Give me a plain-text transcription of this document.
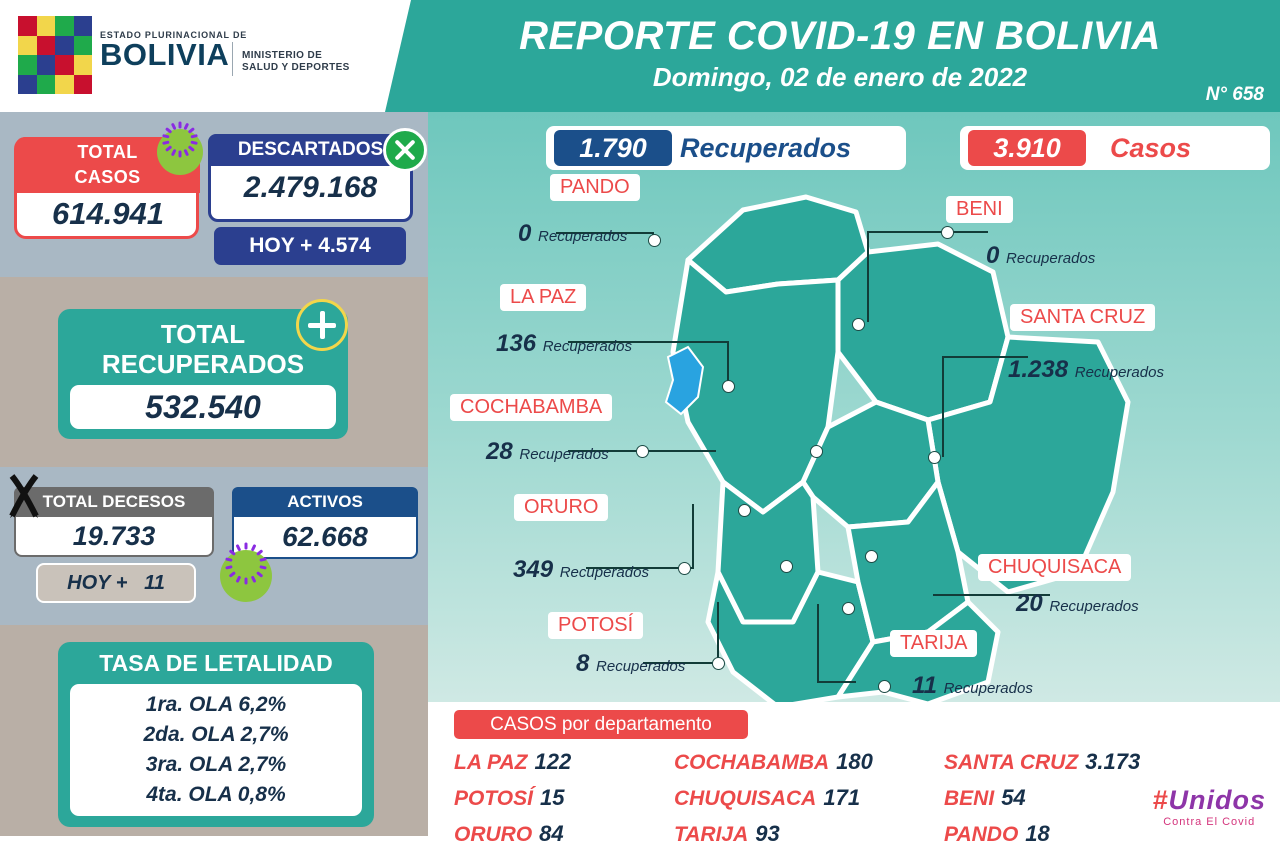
ESTADO PLURINACIONAL DE
BOLIVIA	MINISTERIO DE
SALUD Y DEPORTES
REPORTE COVID-19 EN BOLIVIA
Domingo, 02 de enero de 2022
N° 658
TOTAL
CASOS
614.941
DESCARTADOS
2.479.168
HOY + 4.574
TOTAL
RECUPERADOS
532.540
TOTAL DECESOS
19.733
HOY + 11
ACTIVOS
62.668
TASA DE LETALIDAD
1ra. OLA 6,2%
2da. OLA 2,7%
3ra. OLA 2,7%
4ta. OLA 0,8%
1.790	Recuperados	3.910	Casos
PANDO
0 Recuperados
BENI
0 Recuperados
LA PAZ
136 Recuperados
SANTA CRUZ
1.238 Recuperados
COCHABAMBA
28 Recuperados
ORURO
349 Recuperados	CHUQUISACA
20 Recuperados
POTOSÍ
8 Recuperados
TARIJA
11 Recuperados
CASOS por departamento
LA PAZ 122	COCHABAMBA 180	SANTA CRUZ 3.173
POTOSÍ 15	CHUQUISACA 171	BENI 54
ORURO 84	TARIJA 93	PANDO 18
#Unidos
Contra El Covid
